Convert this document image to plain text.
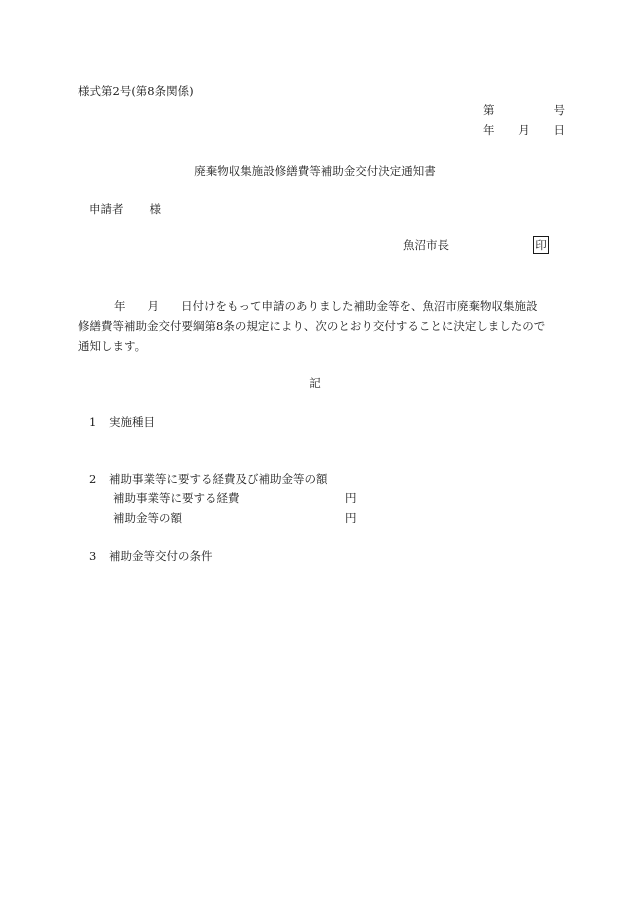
様式第2号(第8条関係)
第	号
年 月 日
廃棄物収集施設修繕費等補助金交付決定通知書
申請者 様
魚沼市長	印
年 月 日付けをもって申請のありました補助金等を、魚沼市廃棄物収集施設
修繕費等補助金交付要綱第8条の規定により、次のとおり交付することに決定しましたので
通知します。
記
1 実施種目
2 補助事業等に要する経費及び補助金等の額
補助事業等に要する経費	円
補助金等の額	円
3 補助金等交付の条件
